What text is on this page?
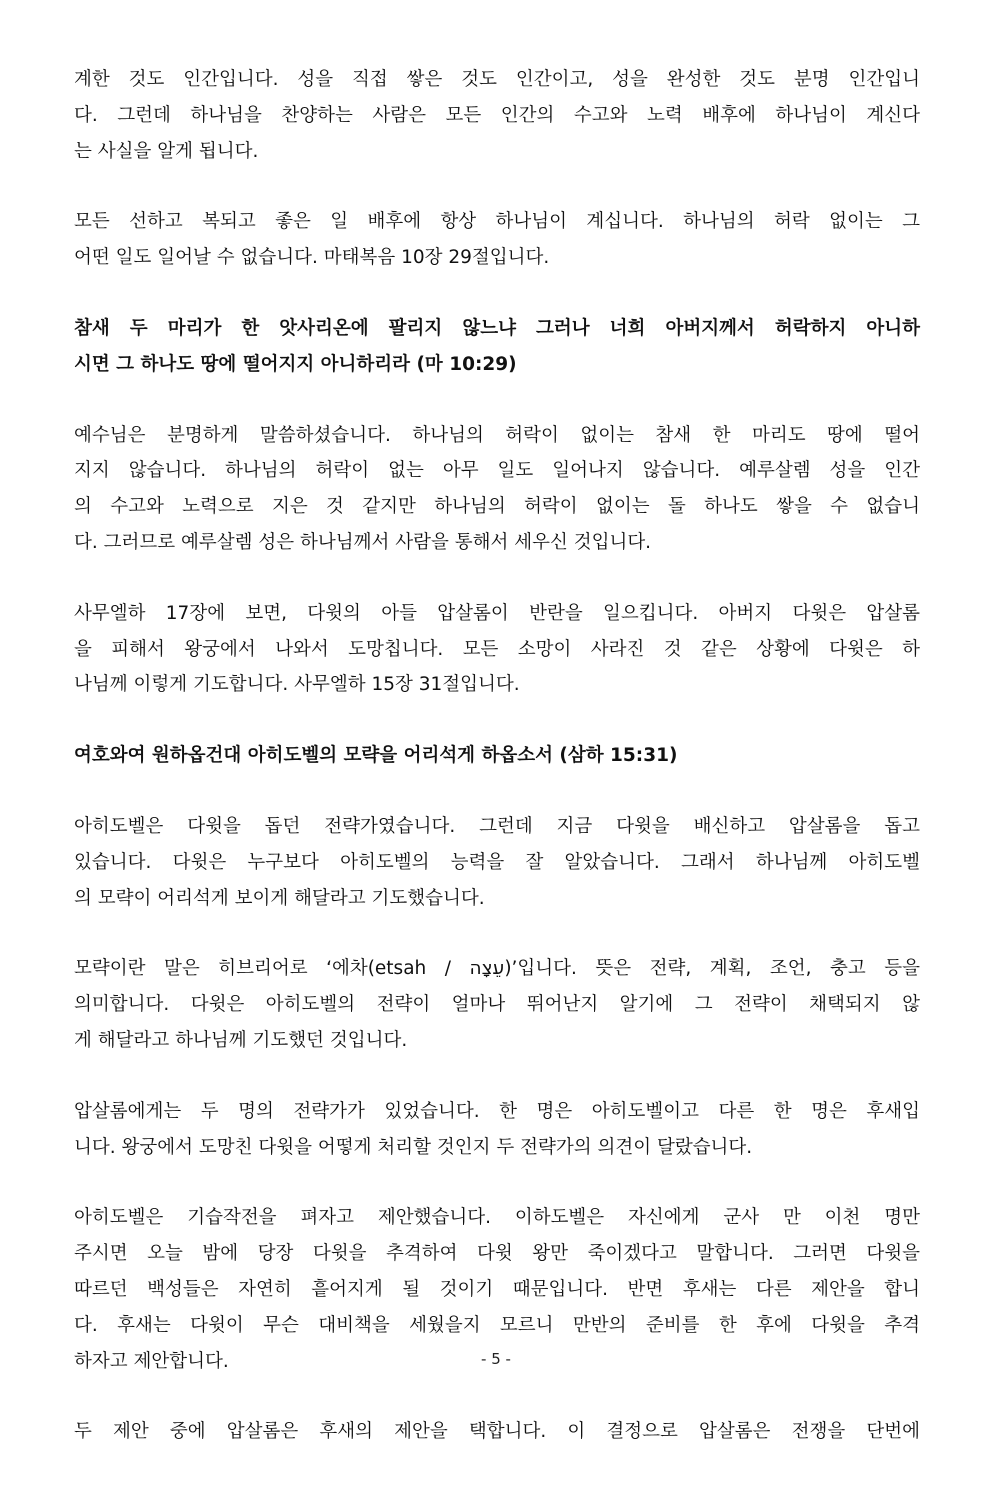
계한 것도 인간입니다. 성을 직접 쌓은 것도 인간이고, 성을 완성한 것도 분명 인간입니
다. 그런데 하나님을 찬양하는 사람은 모든 인간의 수고와 노력 배후에 하나님이 계신다
는 사실을 알게 됩니다.
모든 선하고 복되고 좋은 일 배후에 항상 하나님이 계십니다. 하나님의 허락 없이는 그
어떤 일도 일어날 수 없습니다. 마태복음 10장 29절입니다.
참새 두 마리가 한 앗사리온에 팔리지 않느냐 그러나 너희 아버지께서 허락하지 아니하
시면 그 하나도 땅에 떨어지지 아니하리라 (마 10:29)
예수님은 분명하게 말씀하셨습니다. 하나님의 허락이 없이는 참새 한 마리도 땅에 떨어
지지 않습니다. 하나님의 허락이 없는 아무 일도 일어나지 않습니다. 예루살렘 성을 인간
의 수고와 노력으로 지은 것 같지만 하나님의 허락이 없이는 돌 하나도 쌓을 수 없습니
다. 그러므로 예루살렘 성은 하나님께서 사람을 통해서 세우신 것입니다.
사무엘하 17장에 보면, 다윗의 아들 압살롬이 반란을 일으킵니다. 아버지 다윗은 압살롬
을 피해서 왕궁에서 나와서 도망칩니다. 모든 소망이 사라진 것 같은 상황에 다윗은 하
나님께 이렇게 기도합니다. 사무엘하 15장 31절입니다.
여호와여 원하옵건대 아히도벨의 모략을 어리석게 하옵소서 (삼하 15:31)
아히도벨은 다윗을 돕던 전략가였습니다. 그런데 지금 다윗을 배신하고 압살롬을 돕고
있습니다. 다윗은 누구보다 아히도벨의 능력을 잘 알았습니다. 그래서 하나님께 아히도벨
의 모략이 어리석게 보이게 해달라고 기도했습니다.
모략이란 말은 히브리어로 ‘에차(etsah / עֵצָה)’입니다. 뜻은 전략, 계획, 조언, 충고 등을
의미합니다. 다윗은 아히도벨의 전략이 얼마나 뛰어난지 알기에 그 전략이 채택되지 않
게 해달라고 하나님께 기도했던 것입니다.
압살롬에게는 두 명의 전략가가 있었습니다. 한 명은 아히도벨이고 다른 한 명은 후새입
니다. 왕궁에서 도망친 다윗을 어떻게 처리할 것인지 두 전략가의 의견이 달랐습니다.
아히도벨은 기습작전을 펴자고 제안했습니다. 이하도벨은 자신에게 군사 만 이천 명만
주시면 오늘 밤에 당장 다윗을 추격하여 다윗 왕만 죽이겠다고 말합니다. 그러면 다윗을
따르던 백성들은 자연히 흩어지게 될 것이기 때문입니다. 반면 후새는 다른 제안을 합니
다. 후새는 다윗이 무슨 대비책을 세웠을지 모르니 만반의 준비를 한 후에 다윗을 추격
하자고 제안합니다.
두 제안 중에 압살롬은 후새의 제안을 택합니다. 이 결정으로 압살롬은 전쟁을 단번에
- 5 -
